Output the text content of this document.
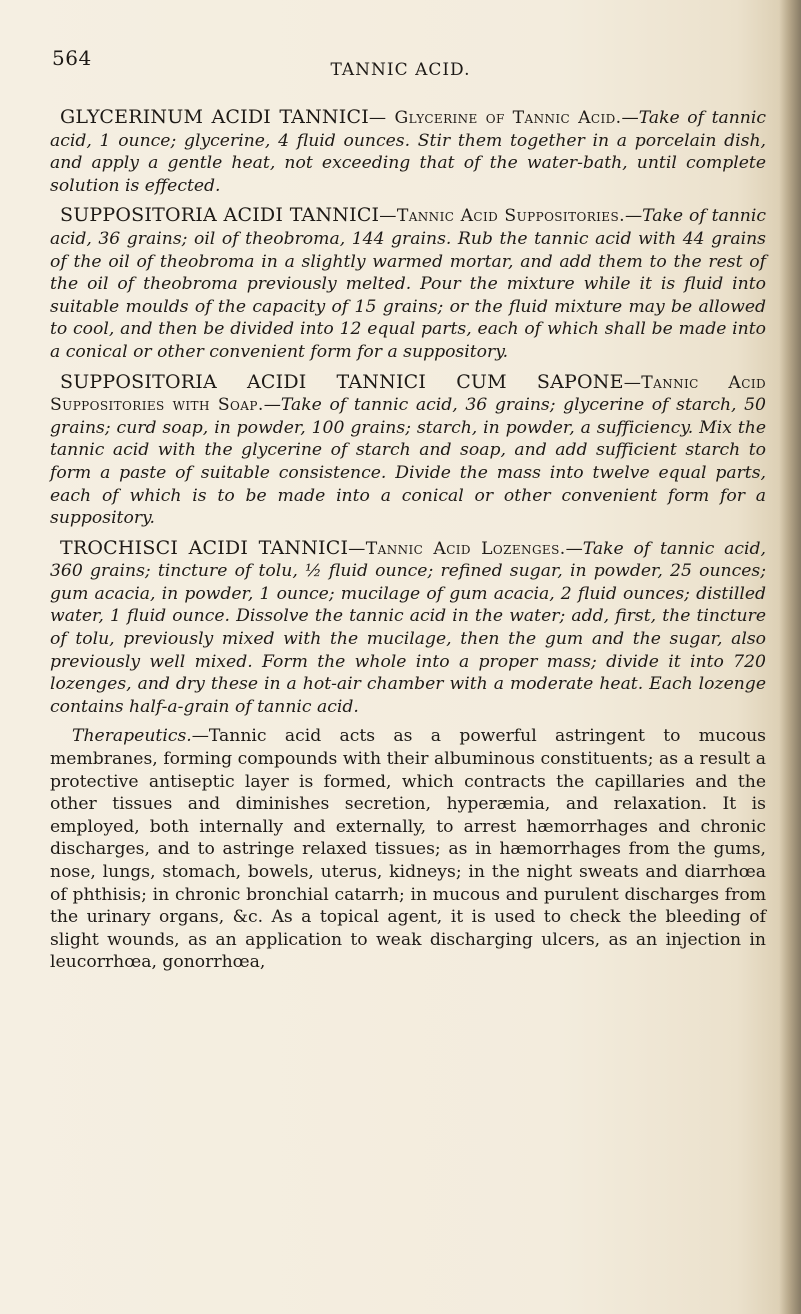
564	TANNIC ACID.

GLYCERINUM ACIDI TANNICI— Glycerine of Tannic Acid.—Take of tannic acid, 1 ounce; glycerine, 4 fluid ounces. Stir them together in a porcelain dish, and apply a gentle heat, not exceeding that of the water-bath, until complete solution is effected.

SUPPOSITORIA ACIDI TANNICI—Tannic Acid Suppositories.—Take of tannic acid, 36 grains; oil of theobroma, 144 grains. Rub the tannic acid with 44 grains of the oil of theobroma in a slightly warmed mortar, and add them to the rest of the oil of theobroma previously melted. Pour the mixture while it is fluid into suitable moulds of the capacity of 15 grains; or the fluid mixture may be allowed to cool, and then be divided into 12 equal parts, each of which shall be made into a conical or other convenient form for a suppository.

SUPPOSITORIA ACIDI TANNICI CUM SAPONE—Tannic Acid Suppositories with Soap.—Take of tannic acid, 36 grains; glycerine of starch, 50 grains; curd soap, in powder, 100 grains; starch, in powder, a sufficiency. Mix the tannic acid with the glycerine of starch and soap, and add sufficient starch to form a paste of suitable consistence. Divide the mass into twelve equal parts, each of which is to be made into a conical or other convenient form for a suppository.

TROCHISCI ACIDI TANNICI—Tannic Acid Lozenges.—Take of tannic acid, 360 grains; tincture of tolu, ½ fluid ounce; refined sugar, in powder, 25 ounces; gum acacia, in powder, 1 ounce; mucilage of gum acacia, 2 fluid ounces; distilled water, 1 fluid ounce. Dissolve the tannic acid in the water; add, first, the tincture of tolu, previously mixed with the mucilage, then the gum and the sugar, also previously well mixed. Form the whole into a proper mass; divide it into 720 lozenges, and dry these in a hot-air chamber with a moderate heat. Each lozenge contains half-a-grain of tannic acid.

Therapeutics.—Tannic acid acts as a powerful astringent to mucous membranes, forming compounds with their albuminous constituents; as a result a protective antiseptic layer is formed, which contracts the capillaries and the other tissues and diminishes secretion, hyperæmia, and relaxation. It is employed, both internally and externally, to arrest hæmorrhages and chronic discharges, and to astringe relaxed tissues; as in hæmorrhages from the gums, nose, lungs, stomach, bowels, uterus, kidneys; in the night sweats and diarrhœa of phthisis; in chronic bronchial catarrh; in mucous and purulent discharges from the urinary organs, &c. As a topical agent, it is used to check the bleeding of slight wounds, as an application to weak discharging ulcers, as an injection in leucorrhœa, gonorrhœa,
